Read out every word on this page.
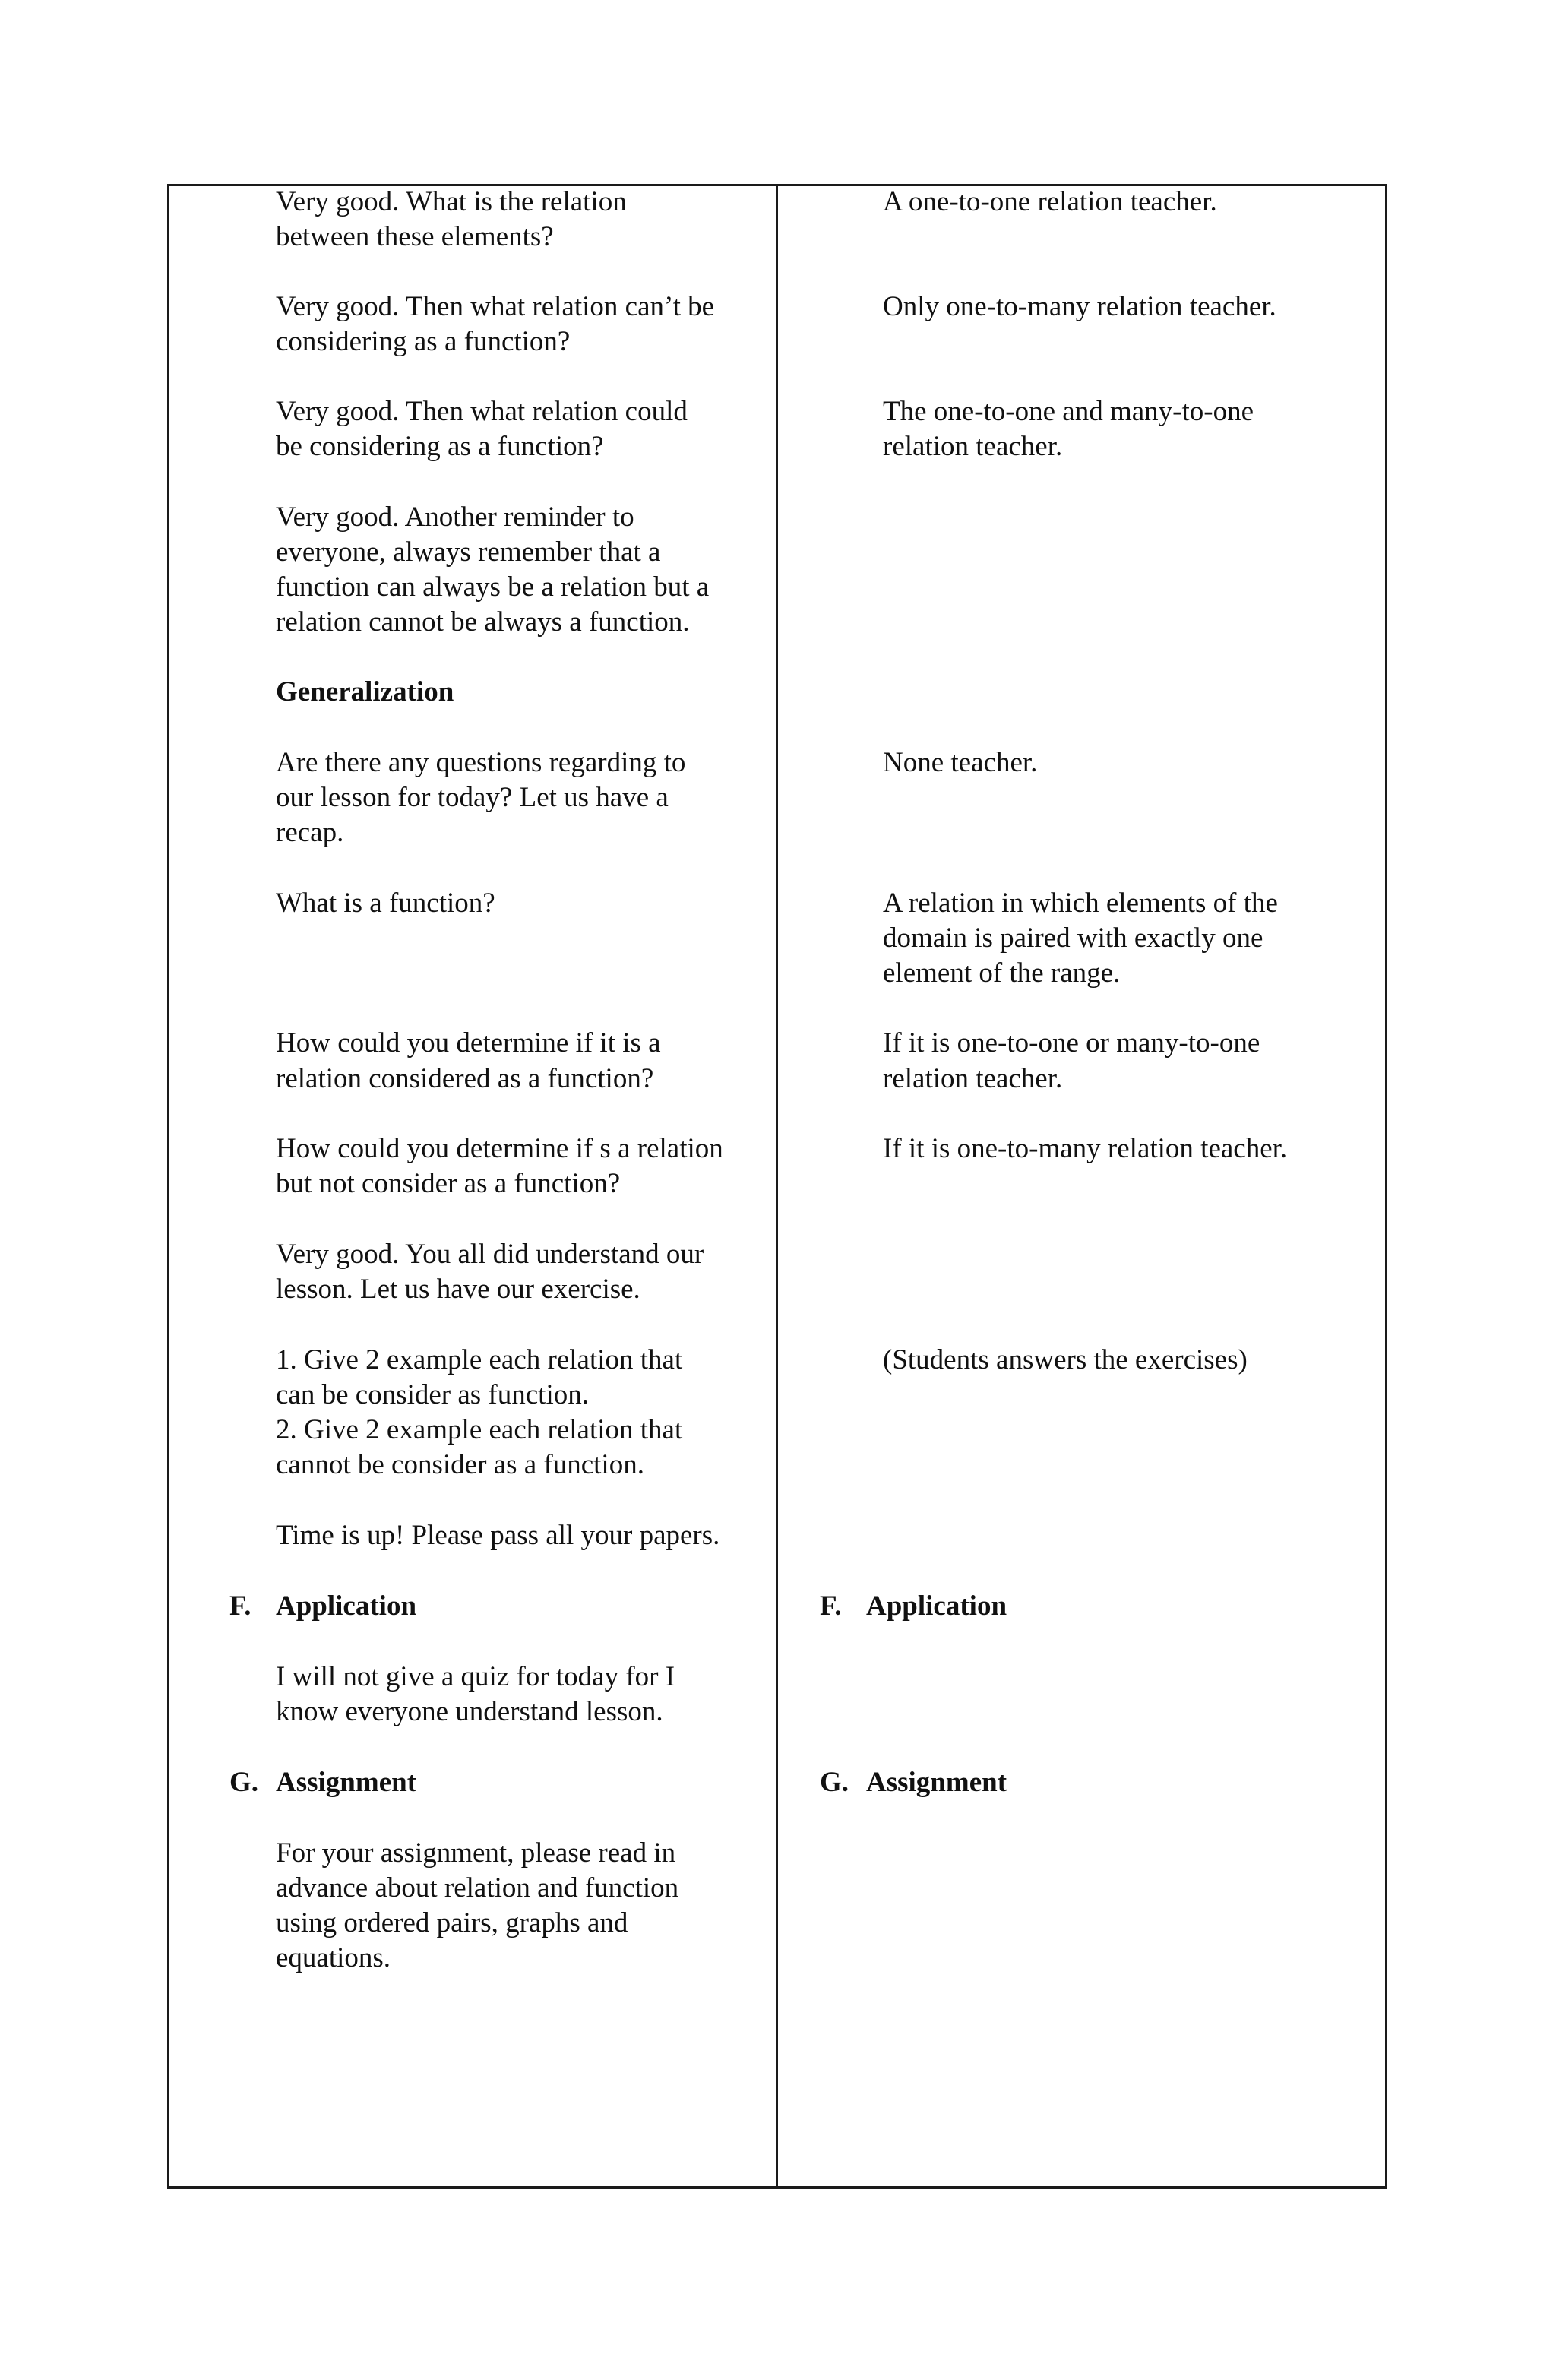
Very good. What is the relation
between these elements?
Very good. Then what relation can’t be
considering as a function?
Very good. Then what relation could
be considering as a function?
Very good. Another reminder to
everyone, always remember that a
function can always be a relation but a
relation cannot be always a function.
Generalization
Are there any questions regarding to
our lesson for today? Let us have a
recap.
What is a function?
How could you determine if it is a
relation considered as a function?
How could you determine if s a relation
but not consider as a function?
Very good. You all did understand our
lesson. Let us have our exercise.
1. Give 2 example each relation that
can be consider as function.
2. Give 2 example each relation that
cannot be consider as a function.
Time is up! Please pass all your papers.
F. Application
I will not give a quiz for today for I
know everyone understand lesson.
G. Assignment
For your assignment, please read in
advance about relation and function
using ordered pairs, graphs and
equations.
A one-to-one relation teacher.
Only one-to-many relation teacher.
The one-to-one and many-to-one
relation teacher.
None teacher.
A relation in which elements of the
domain is paired with exactly one
element of the range.
If it is one-to-one or many-to-one
relation teacher.
If it is one-to-many relation teacher.
(Students answers the exercises)
F. Application
G. Assignment
